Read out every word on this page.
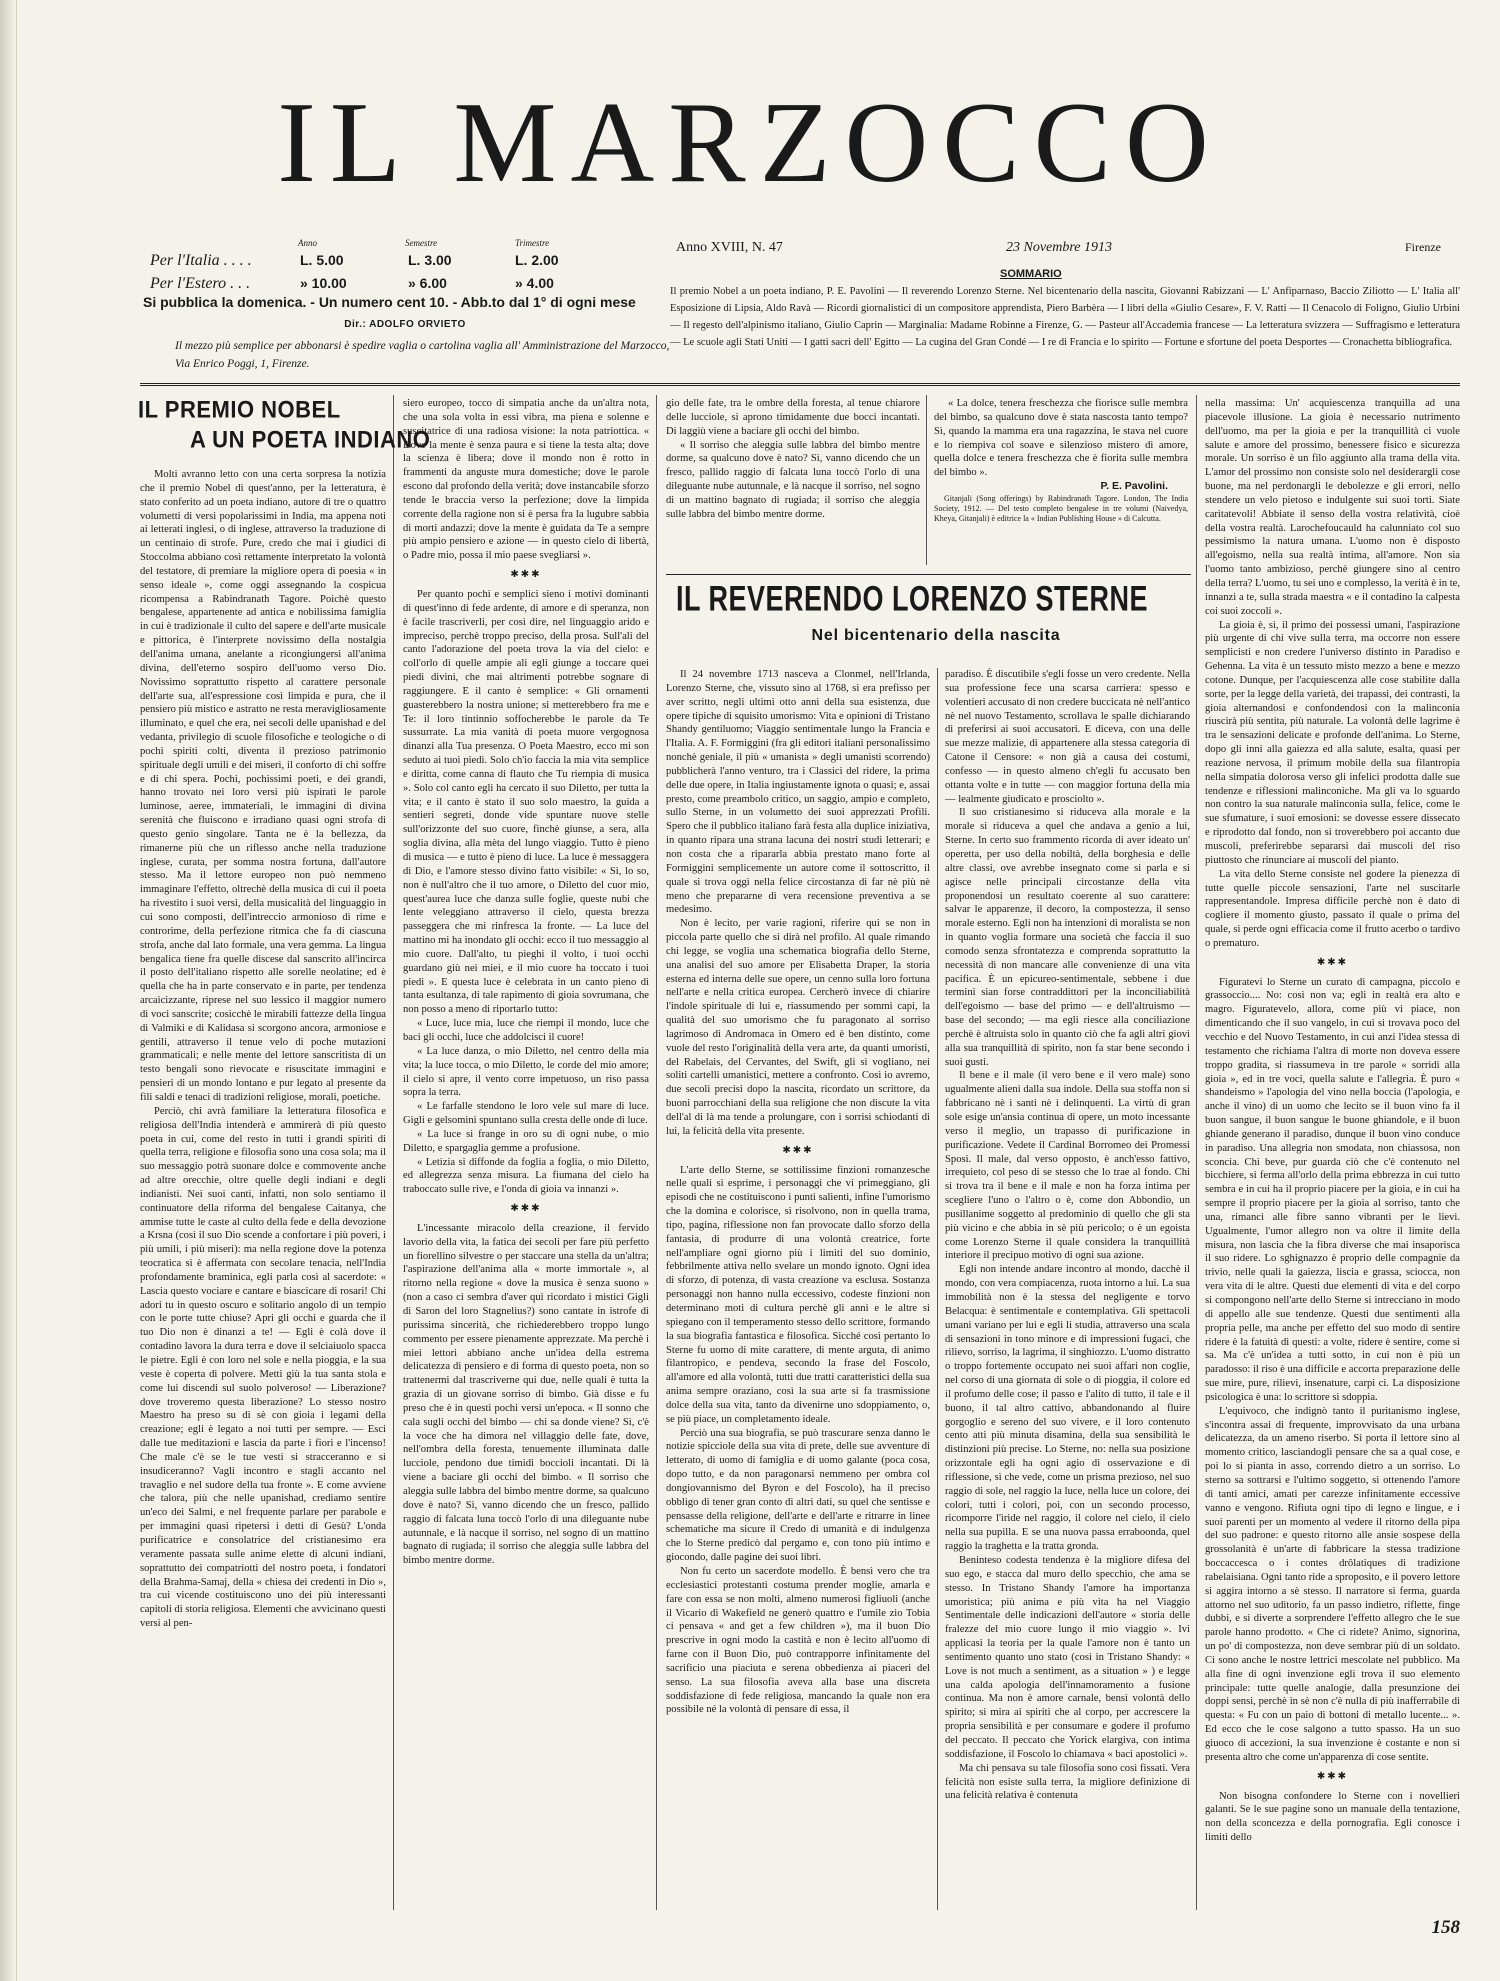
IL MARZOCCO
Anno	Semestre	Trimestre
Per l'Italia . . . .	L. 5.00	L. 3.00	L. 2.00
Per l'Estero . . .	» 10.00	» 6.00	» 4.00
Si pubblica la domenica. - Un numero cent 10. - Abb.to dal 1° di ogni mese
Dir.: ADOLFO ORVIETO
Il mezzo più semplice per abbonarsi è spedire vaglia o cartolina vaglia all' Amministrazione del Marzocco, Via Enrico Poggi, 1, Firenze.
Anno XVIII, N. 47	23 Novembre 1913	Firenze
SOMMARIO
Il premio Nobel a un poeta indiano, P. E. Pavolini — Il reverendo Lorenzo Sterne. Nel bicentenario della nascita, Giovanni Rabizzani — L' Anfiparnaso, Baccio Ziliotto — L' Italia all' Esposizione di Lipsia, Aldo Ravà — Ricordi giornalistici di un compositore apprendista, Piero Barbèra — I libri della «Giulio Cesare», F. V. Ratti — Il Cenacolo di Foligno, Giulio Urbini — Il regesto dell'alpinismo italiano, Giulio Caprin — Marginalia: Madame Robinne a Firenze, G. — Pasteur all'Accademia francese — La letteratura svizzera — Suffragismo e letteratura — Le scuole agli Stati Uniti — I gatti sacri dell' Egitto — La cugina del Gran Condé — I re di Francia e lo spirito — Fortune e sfortune del poeta Desportes — Cronachetta bibliografica.
IL PREMIO NOBEL
A UN POETA INDIANO

Molti avranno letto con una certa sorpresa la notizia che il premio Nobel di quest'anno, per la letteratura, è stato conferito ad un poeta indiano, autore di tre o quattro volumetti di versi popolarissimi in India, ma appena noti ai letterati inglesi, o di inglese, attraverso la traduzione di un centinaio di strofe. Pure, credo che mai i giudici di Stoccolma abbiano così rettamente interpretato la volontà del testatore, di premiare la migliore opera di poesia « in senso ideale », come oggi assegnando la cospicua ricompensa a Rabindranath Tagore. Poichè questo bengalese, appartenente ad antica e nobilissima famiglia in cui è tradizionale il culto del sapere e dell'arte musicale e pittorica, è l'interprete novissimo della nostalgia dell'anima umana, anelante a ricongiungersi all'anima divina, dell'eterno sospiro dell'uomo verso Dio. Novissimo soprattutto rispetto al carattere personale dell'arte sua, all'espressione così limpida e pura, che il pensiero più mistico e astratto ne resta meravigliosamente illuminato, e quel che era, nei secoli delle upanishad e del vedanta, privilegio di scuole filosofiche e teologiche o di pochi spiriti colti, diventa il prezioso patrimonio spirituale degli umili e dei miseri, il conforto di chi soffre e di chi spera. Pochi, pochissimi poeti, e dei grandi, hanno trovato nei loro versi più ispirati le parole luminose, aeree, immateriali, le immagini di divina serenità che fluiscono e irradiano quasi ogni strofa di questo genio singolare. Tanta ne è la bellezza, da rimanerne più che un riflesso anche nella traduzione inglese, curata, per somma nostra fortuna, dall'autore stesso. Ma il lettore europeo non può nemmeno immaginare l'effetto, oltrechè della musica di cui il poeta ha rivestito i suoi versi, della musicalità del linguaggio in cui sono composti, dell'intreccio armonioso di rime e controrime, della perfezione ritmica che fa di ciascuna strofa, anche dal lato formale, una vera gemma. La lingua bengalica tiene fra quelle discese dal sanscrito all'incirca il posto dell'italiano rispetto alle sorelle neolatine; ed è quella che ha in parte conservato e in parte, per tendenza arcaicizzante, riprese nel suo lessico il maggior numero di voci sanscrite; cosicchè le mirabili fattezze della lingua di Valmiki e di Kalidasa si scorgono ancora, armoniose e gentili, attraverso il tenue velo di poche mutazioni grammaticali; e nelle mente del lettore sanscritista di un testo bengali sono rievocate e risuscitate immagini e pensieri di un mondo lontano e pur legato al presente da fili saldi e tenaci di tradizioni religiose, morali, poetiche.

Perciò, chi avrà familiare la letteratura filosofica e religiosa dell'India intenderà e ammirerà di più questo poeta in cui, come del resto in tutti i grandi spiriti di quella terra, religione e filosofia sono una cosa sola; ma il suo messaggio potrà suonare dolce e commovente anche ad altre orecchie, oltre quelle degli indiani e degli indianisti. Nei suoi canti, infatti, non solo sentiamo il continuatore della riforma del bengalese Caitanya, che ammise tutte le caste al culto della fede e della devozione a Krsna (così il suo Dio scende a confortare i più poveri, i più umili, i più miseri): ma nella regione dove la potenza teocratica si è affermata con secolare tenacia, nell'India profondamente braminica, egli parla così al sacerdote: « Lascia questo vociare e cantare e biascicare di rosari! Chi adori tu in questo oscuro e solitario angolo di un tempio con le porte tutte chiuse? Apri gli occhi e guarda che il tuo Dio non è dinanzi a te! — Egli è colà dove il contadino lavora la dura terra e dove il selciaiuolo spacca le pietre. Egli è con loro nel sole e nella pioggia, e la sua veste è coperta di polvere. Metti giù la tua santa stola e come lui discendi sul suolo polveroso! — Liberazione? dove troveremo questa liberazione? Lo stesso nostro Maestro ha preso su di sè con gioia i legami della creazione; egli è legato a noi tutti per sempre. — Esci dalle tue meditazioni e lascia da parte i fiori e l'incenso! Che male c'è se le tue vesti si stracceranno e si insudiceranno? Vagli incontro e stagli accanto nel travaglio e nel sudore della tua fronte ». E come avviene che talora, più che nelle upanishad, crediamo sentire un'eco dei Salmi, e nel frequente parlare per parabole e per immagini quasi ripetersi i detti di Gesù? L'onda purificatrice e consolatrice del cristianesimo era veramente passata sulle anime elette di alcuni indiani, soprattutto dei compatriotti del nostro poeta, i fondatori della Brahma-Samaj, della « chiesa dei credenti in Dio », tra cui vicende costituiscono uno dei più interessanti capitoli di storia religiosa. Elementi che avvicinano questi versi al pen-

siero europeo, tocco di simpatia anche da un'altra nota, che una sola volta in essi vibra, ma piena e solenne e suscitatrice di una radiosa visione: la nota patriottica. « Dove la mente è senza paura e si tiene la testa alta; dove la scienza è libera; dove il mondo non è rotto in frammenti da anguste mura domestiche; dove le parole escono dal profondo della verità; dove instancabile sforzo tende le braccia verso la perfezione; dove la limpida corrente della ragione non si è persa fra la lugubre sabbia di morti andazzi; dove la mente è guidata da Te a sempre più ampio pensiero e azione — in questo cielo di libertà, o Padre mio, possa il mio paese svegliarsi ».

✱✱✱

Per quanto pochi e semplici sieno i motivi dominanti di quest'inno di fede ardente, di amore e di speranza, non è facile trascriverli, per così dire, nel linguaggio arido e impreciso, perchè troppo preciso, della prosa. Sull'ali del canto l'adorazione del poeta trova la via del cielo: e coll'orlo di quelle ampie ali egli giunge a toccare quei piedi divini, che mai altrimenti potrebbe sognare di raggiungere. E il canto è semplice: « Gli ornamenti guasterebbero la nostra unione; si metterebbero fra me e Te: il loro tintinnio soffocherebbe le parole da Te sussurrate. La mia vanità di poeta muore vergognosa dinanzi alla Tua presenza. O Poeta Maestro, ecco mi son seduto ai tuoi piedi. Solo ch'io faccia la mia vita semplice e diritta, come canna di flauto che Tu riempia di musica ». Solo col canto egli ha cercato il suo Diletto, per tutta la vita; e il canto è stato il suo solo maestro, la guida a sentieri segreti, donde vide spuntare nuove stelle sull'orizzonte del suo cuore, finchè giunse, a sera, alla soglia divina, alla mèta del lungo viaggio. Tutto è pieno di musica — e tutto è pieno di luce. La luce è messaggera di Dio, e l'amore stesso divino fatto visibile: « Sì, lo so, non è null'altro che il tuo amore, o Diletto del cuor mio, quest'aurea luce che danza sulle foglie, queste nubi che lente veleggiano attraverso il cielo, questa brezza passeggera che mi rinfresca la fronte. — La luce del mattino mi ha inondato gli occhi: ecco il tuo messaggio al mio cuore. Dall'alto, tu pieghi il volto, i tuoi occhi guardano giù nei miei, e il mio cuore ha toccato i tuoi piedi ». E questa luce è celebrata in un canto pieno di tanta esultanza, di tale rapimento di gioia sovrumana, che non posso a meno di riportarlo tutto:

« Luce, luce mia, luce che riempi il mondo, luce che baci gli occhi, luce che addolcisci il cuore!

« La luce danza, o mio Diletto, nel centro della mia vita; la luce tocca, o mio Diletto, le corde del mio amore; il cielo si apre, il vento corre impetuoso, un riso passa sopra la terra.

« Le farfalle stendono le loro vele sul mare di luce. Gigli e gelsomini spuntano sulla cresta delle onde di luce.

« La luce si frange in oro su di ogni nube, o mio Diletto, e spargaglia gemme a profusione.

« Letizia si diffonde da foglia a foglia, o mio Diletto, ed allegrezza senza misura. La fiumana del cielo ha traboccato sulle rive, e l'onda di gioia va innanzi ».

✱✱✱

L'incessante miracolo della creazione, il fervido lavorio della vita, la fatica dei secoli per fare più perfetto un fiorellino silvestre o per staccare una stella da un'altra; l'aspirazione dell'anima alla « morte immortale », al ritorno nella regione « dove la musica è senza suono » (non a caso ci sembra d'aver qui ricordato i mistici Gigli di Saron del loro Stagnelius?) sono cantate in istrofe di purissima sincerità, che richiederebbero troppo lungo commento per essere pienamente apprezzate. Ma perchè i miei lettori abbiano anche un'idea della estrema delicatezza di pensiero e di forma di questo poeta, non so trattenermi dal trascriverne qui due, nelle quali è tutta la grazia di un giovane sorriso di bimbo. Già disse e fu preso che è in questi pochi versi un'epoca. « Il sonno che cala sugli occhi del bimbo — chi sa donde viene? Sì, c'è la voce che ha dimora nel villaggio delle fate, dove, nell'ombra della foresta, tenuemente illuminata dalle lucciole, pendono due timidi boccioli incantati. Di là viene a baciare gli occhi del bimbo. « Il sorriso che aleggia sulle labbra del bimbo mentre dorme, sa qualcuno dove è nato? Sì, vanno dicendo che un fresco, pallido raggio di falcata luna toccò l'orlo di una dileguante nube autunnale, e là nacque il sorriso, nel sogno di un mattino bagnato di rugiada; il sorriso che aleggia sulle labbra del bimbo mentre dorme.

gio delle fate, tra le ombre della foresta, al tenue chiarore delle lucciole, si aprono timidamente due bocci incantati. Di laggiù viene a baciare gli occhi del bimbo.

« Il sorriso che aleggia sulle labbra del bimbo mentre dorme, sa qualcuno dove è nato? Sì, vanno dicendo che un fresco, pallido raggio di falcata luna toccò l'orlo di una dileguante nube autunnale, e là nacque il sorriso, nel sogno di un mattino bagnato di rugiada; il sorriso che aleggia sulle labbra del bimbo mentre dorme.

« La dolce, tenera freschezza che fiorisce sulle membra del bimbo, sa qualcuno dove è stata nascosta tanto tempo? Sì, quando la mamma era una ragazzina, le stava nel cuore e lo riempiva col soave e silenzioso mistero di amore, quella dolce e tenera freschezza che è fiorita sulle membra del bimbo ».

P. E. Pavolini.

Gitanjali (Song offerings) by Rabindranath Tagore. London, The India Society, 1912. — Del testo completo bengalese in tre volumi (Naivedya, Kheya, Gitanjali) è editrice la « Indian Publishing House » di Calcutta.

IL REVERENDO LORENZO STERNE
Nel bicentenario della nascita

Il 24 novembre 1713 nasceva a Clonmel, nell'Irlanda, Lorenzo Sterne, che, vissuto sino al 1768, si era prefisso per aver scritto, negli ultimi otto anni della sua esistenza, due opere tipiche di squisito umorismo: Vita e opinioni di Tristano Shandy gentiluomo; Viaggio sentimentale lungo la Francia e l'Italia. A. F. Formiggini (fra gli editori italiani personalissimo nonchè geniale, il più « umanista » degli umanisti scorrendo) pubblicherà l'anno venturo, tra i Classici del ridere, la prima delle due opere, in Italia ingiustamente ignota o quasi; e, assai presto, come preambolo critico, un saggio, ampio e completo, sullo Sterne, in un volumetto dei suoi apprezzati Profili. Spero che il pubblico italiano farà festa alla duplice iniziativa, in quanto ripara una strana lacuna dei nostri studi letterari; e non costa che a ripararla abbia prestato mano forte al Formiggini semplicemente un autore come il sottoscritto, il quale si trova oggi nella felice circostanza di far nè più nè meno che prepararne di vera recensione preventiva a se medesimo.

Non è lecito, per varie ragioni, riferire qui se non in piccola parte quello che si dirà nel profilo. Al quale rimando chi legge, se voglia una schematica biografia dello Sterne, una analisi del suo amore per Elisabetta Draper, la storia esterna ed interna delle sue opere, un cenno sulla loro fortuna nell'arte e nella critica europea. Cercherò invece di chiarire l'indole spirituale di lui e, riassumendo per sommi capi, la qualità del suo umorismo che fu paragonato al sorriso lagrimoso di Andromaca in Omero ed è ben distinto, come vuole del resto l'originalità della vera arte, da quanti umoristi, del Rabelais, del Cervantes, del Swift, gli si vogliano, nei soliti cartelli umanistici, mettere a confronto. Così io avremo, due secoli precisi dopo la nascita, ricordato un scrittore, da buoni parrocchiani della sua religione che non discute la vita dell'al di là ma tende a prolungare, con i sorrisi schiodanti di lui, la felicità della vita presente.

✱✱✱

L'arte dello Sterne, se sottilissime finzioni romanzesche nelle quali si esprime, i personaggi che vi primeggiano, gli episodi che ne costituiscono i punti salienti, infine l'umorismo che la domina e colorisce, si risolvono, non in quella trama, tipo, pagina, riflessione non fan provocate dallo sforzo della fantasia, di produrre di una volontà creatrice, forte nell'ampliare ogni giorno più i limiti del suo dominio, febbrilmente attiva nello svelare un mondo ignoto. Ogni idea di sforzo, di potenza, di vasta creazione va esclusa. Sostanza personaggi non hanno nulla eccessivo, codeste finzioni non determinano moti di cultura perchè gli anni e le altre si spiegano con il temperamento stesso dello scrittore, formando la sua biografia fantastica e filosofica. Sicché così pertanto lo Sterne fu uomo di mite carattere, di mente arguta, di animo filantropico, e pendeva, secondo la frase del Foscolo, all'amore ed alla volontà, tutti due tratti caratteristici della sua anima sempre oraziano, così la sua arte si fa trasmissione dolce della sua vita, tanto da divenirne uno sdoppiamento, o, se più piace, un completamento ideale.

Perciò una sua biografia, se può trascurare senza danno le notizie spicciole della sua vita di prete, delle sue avventure di letterato, di uomo di famiglia e di uomo galante (poca cosa, dopo tutto, e da non paragonarsi nemmeno per ombra col dongiovannismo del Byron e del Foscolo), ha il preciso obbligo di tener gran conto di altri dati, su quel che sentisse e pensasse della religione, dell'arte e dell'arte e ritrarre in linee schematiche ma sicure il Credo di umanità e di indulgenza che lo Sterne predicò dal pergamo e, con tono più intimo e giocondo, dalle pagine dei suoi libri.

Non fu certo un sacerdote modello. È bensì vero che tra ecclesiastici protestanti costuma prender moglie, amarla e fare con essa se non molti, almeno numerosi figliuoli (anche il Vicario di Wakefield ne generò quattro e l'umile zio Tobia ci pensava « and get a few children »), ma il buon Dio prescrive in ogni modo la castità e non è lecito all'uomo di farne con il Buon Dio, può contrapporre infinitamente del sacrificio una piaciuta e serena obbedienza ai piaceri del senso. La sua filosofia aveva alla base una discreta soddisfazione di fede religiosa, mancando la quale non era possibile né la volontà di pensare di essa, il

paradiso. È discutibile s'egli fosse un vero credente. Nella sua professione fece una scarsa carriera: spesso e volentieri accusato di non credere buccicata nè nell'antico nè nel nuovo Testamento, scrollava le spalle dichiarando di preferirsi ai suoi accusatori. E diceva, con una delle sue mezze malizie, di appartenere alla stessa categoria di Catone il Censore: « non già a causa dei costumi, confesso — in questo almeno ch'egli fu accusato ben ottanta volte e in tutte — con maggior fortuna della mia — lealmente giudicato e prosciolto ».

Il suo cristianesimo si riduceva alla morale e la morale si riduceva a quel che andava a genio a lui, Sterne. In certo suo frammento ricorda di aver ideato un' operetta, per uso della nobiltà, della borghesia e delle altre classi, ove avrebbe insegnato come si parla e si agisce nelle principali circostanze della vita proponendosi un resultato coerente al suo carattere: salvar le apparenze, il decoro, la compostezza, il senso morale esterno. Egli non ha intenzioni di moralista se non in quanto voglia formare una società che faccia il suo comodo senza sfrontatezza e comprenda soprattutto la necessità di non mancare alle convenienze di una vita pacifica. È un epicureo-sentimentale, sebbene i due termini sian forse contraddittori per la inconciliabilità dell'egoismo — base del primo — e dell'altruismo — base del secondo; — ma egli riesce alla conciliazione perchè è altruista solo in quanto ciò che fa agli altri giovi alla sua tranquillità di spirito, non fa star bene secondo i suoi gusti.

Il bene e il male (il vero bene e il vero male) sono ugualmente alieni dalla sua indole. Della sua stoffa non si fabbricano nè i santi nè i delinquenti. La virtù di gran sole esige un'ansia continua di opere, un moto incessante verso il meglio, un trapasso di purificazione in purificazione. Vedete il Cardinal Borromeo dei Promessi Sposi. Il male, dal verso opposto, è anch'esso fattivo, irrequieto, col peso di se stesso che lo trae al fondo. Chi si trova tra il bene e il male e non ha forza intima per scegliere l'uno o l'altro o è, come don Abbondio, un pusillanime soggetto al predominio di quello che gli sta più vicino e che abbia in sè più pericolo; o è un egoista come Lorenzo Sterne il quale considera la tranquillità interiore il precipuo motivo di ogni sua azione.

Egli non intende andare incontro al mondo, dacchè il mondo, con vera compiacenza, ruota intorno a lui. La sua immobilità non è la stessa del negligente e torvo Belacqua: è sentimentale e contemplativa. Gli spettacoli umani variano per lui e egli li studia, attraverso una scala di sensazioni in tono minore e di impressioni fugaci, che rilievo, sorriso, la lagrima, il singhiozzo. L'uomo distratto o troppo fortemente occupato nei suoi affari non coglie, nel corso di una giornata di sole o di pioggia, il colore ed il profumo delle cose; il passo e l'alito di tutto, il tale e il buono, il tal altro cattivo, abbandonando al fluire gorgoglio e sereno del suo vivere, e il loro contenuto cento atti più minuta disamina, della sua sensibilità le distinzioni più precise. Lo Sterne, no: nella sua posizione orizzontale egli ha ogni agio di osservazione e di riflessione, sì che vede, come un prisma prezioso, nel suo raggio di sole, nel raggio la luce, nella luce un colore, dei colori, tutti i colori, poi, con un secondo processo, ricomporre l'iride nel raggio, il colore nel cielo, il cielo nella sua pupilla. E se una nuova passa erraboonda, quel raggio la traghetta e la tratta gronda.

Beninteso codesta tendenza è la migliore difesa del suo ego, e stacca dal muro dello specchio, che ama se stesso. In Tristano Shandy l'amore ha importanza umoristica; più anima e più vita ha nel Viaggio Sentimentale delle indicazioni dell'autore « storia delle fralezze del mio cuore lungo il mio viaggio ». Ivi applicasi la teoria per la quale l'amore non è tanto un sentimento quanto uno stato (così in Tristano Shandy: « Love is not much a sentiment, as a situation » ) e legge una calda apologia dell'innamoramento a fusione continua. Ma non è amore carnale, bensì volontà dello spirito; si mira ai spiriti che al corpo, per accrescere la propria sensibilità e per consumare e godere il profumo del peccato. Il peccato che Yorick elargiva, con intima soddisfazione, il Foscolo lo chiamava « baci apostolici ».

Ma chi pensava su tale filosofia sono così fissati. Vera felicità non esiste sulla terra, la migliore definizione di una felicità relativa è contenuta

nella massima: Un' acquiescenza tranquilla ad una piacevole illusione. La gioia è necessario nutrimento dell'uomo, ma per la gioia e per la tranquillità ci vuole salute e amore del prossimo, benessere fisico e sicurezza morale. Un sorriso è un filo aggiunto alla trama della vita. L'amor del prossimo non consiste solo nel desiderargli cose buone, ma nel perdonargli le debolezze e gli errori, nello stendere un velo pietoso e indulgente sui suoi torti. Siate caritatevoli! Abbiate il senso della vostra relatività, cioè della vostra realtà. Larochefoucauld ha calunniato col suo pessimismo la natura umana. L'uomo non è disposto all'egoismo, nella sua realtà intima, all'amore. Non sia l'uomo tanto ambizioso, perchè giungere sino al centro della terra? L'uomo, tu sei uno e complesso, la verità è in te, innanzi a te, sulla strada maestra « e il contadino la calpesta coi suoi zoccoli ».

La gioia è, sì, il primo dei possessi umani, l'aspirazione più urgente di chi vive sulla terra, ma occorre non essere semplicisti e non credere l'universo distinto in Paradiso e Gehenna. La vita è un tessuto misto mezzo a bene e mezzo cotone. Dunque, per l'acquiescenza alle cose stabilite dalla sorte, per la legge della varietà, dei trapassi, dei contrasti, la gioia alternandosi e confondendosi con la malinconia riuscirà più sentita, più naturale. La volontà delle lagrime è tra le sensazioni delicate e profonde dell'anima. Lo Sterne, dopo gli inni alla gaiezza ed alla salute, esalta, quasi per reazione nervosa, il primum mobile della sua filantropia nella simpatia dolorosa verso gli infelici prodotta dalle sue tendenze e riflessioni malinconiche. Ma gli va lo sguardo non contro la sua naturale malinconia sulla, felice, come le sue sfumature, i suoi emosioni: se dovesse essere dissecato e riprodotto dal fondo, non si troverebbero poi accanto due muscoli, preferirebbe separarsi dai muscoli del riso piuttosto che rinunciare ai muscoli del pianto.

La vita dello Sterne consiste nel godere la pienezza di tutte quelle piccole sensazioni, l'arte nel suscitarle rappresentandole. Impresa difficile perchè non è dato di cogliere il momento giusto, passato il quale o prima del quale, si perde ogni efficacia come il frutto acerbo o tardivo o prematuro.

✱✱✱

Figuratevi lo Sterne un curato di campagna, piccolo e grassoccio.... No: così non va; egli in realtà era alto e magro. Figuratevelo, allora, come più vi piace, non dimenticando che il suo vangelo, in cui si trovava poco del vecchio e del Nuovo Testamento, in cui anzi l'idea stessa di testamento che richiama l'altra di morte non doveva essere troppo gradita, si riassumeva in tre parole « sorridi alla gioia », ed in tre voci, quella salute e l'allegria. È puro « shandeismo » l'apologia del vino nella boccia (l'apologia, e anche il vino) di un uomo che lecito se il buon vino fa il buon sangue, il buon sangue le buone ghiandole, e il buon ghiande generano il paradiso, dunque il buon vino conduce in paradiso. Una allegria non smodata, non chiassosa, non sconcia. Chi beve, pur guarda ciò che c'è contenuto nel bicchiere, si ferma all'orlo della prima ebbrezza in cui tutto sembra e in cui ha il proprio piacere per la gioia, e in cui ha sempre il proprio piacere per la gioia al sorriso, tanto che una, rimanci alle fibre sanno vibranti per le lievi. Ugualmente, l'umor allegro non va oltre il limite della misura, non lascia che la fibra diverse che mai insaporisca il suo ridere. Lo sghignazzo è proprio delle compagnie da trivio, nelle quali la gaiezza, liscia e grassa, sciocca, non vera vita di le altre. Questi due elementi di vita e del corpo si compongono nell'arte dello Sterne si intrecciano in modo di appello alle sue tendenze. Questi due sentimenti alla propria pelle, ma anche per effetto del suo modo di sentire ridere è la fatuità di questi: a volte, ridere è sentire, come si sa. Ma c'è un'idea a tutti sotto, in cui non è più un paradosso: il riso è una difficile e accorta preparazione delle sue mire, pure, rilievi, insenature, carpi ci. La disposizione psicologica è una: lo scrittore si sdoppia.

L'equivoco, che indignò tanto il puritanismo inglese, s'incontra assai di frequente, improvvisato da una urbana delicatezza, da un ameno riserbo. Si porta il lettore sino al momento critico, lasciandogli pensare che sa a qual cose, e poi lo si pianta in asso, correndo dietro a un sorriso. Lo sterno sa sottrarsi e l'ultimo soggetto, si ottenendo l'amore di tanti amici, amati per carezze infinitamente eccessive vanno e vengono. Rifiuta ogni tipo di legno e lingue, e i suoi parenti per un momento al vedere il ritorno della pipa del suo padrone: e questo ritorno alle ansie sospese della grossolanità è un'arte di fabbricare la stessa tradizione boccaccesca o i contes drôlatiques di tradizione rabelaisiana. Ogni tanto ride a sproposito, e il povero lettore si aggira intorno a sè stesso. Il narratore si ferma, guarda attorno nel suo uditorio, fa un passo indietro, riflette, finge dubbi, e si diverte a sorprendere l'effetto allegro che le sue parole hanno prodotto. « Che ci ridete? Animo, signorina, un po' di compostezza, non deve sembrar più di un soldato. Ci sono anche le nostre lettrici mescolate nel pubblico. Ma alla fine di ogni invenzione egli trova il suo elemento principale: tutte quelle analogie, dalla presunzione dei doppi sensi, perchè in sè non c'è nulla di più inafferrabile di questa: « Fu con un paio di bottoni di metallo lucente... ». Ed ecco che le cose salgono a tutto spasso. Ha un suo giuoco di accezioni, la sua invenzione è costante e non si presenta altro che come un'apparenza di cose sentite.

✱✱✱

Non bisogna confondere lo Sterne con i novellieri galanti. Se le sue pagine sono un manuale della tentazione, non della sconcezza e della pornografia. Egli conosce i limiti dello

158
